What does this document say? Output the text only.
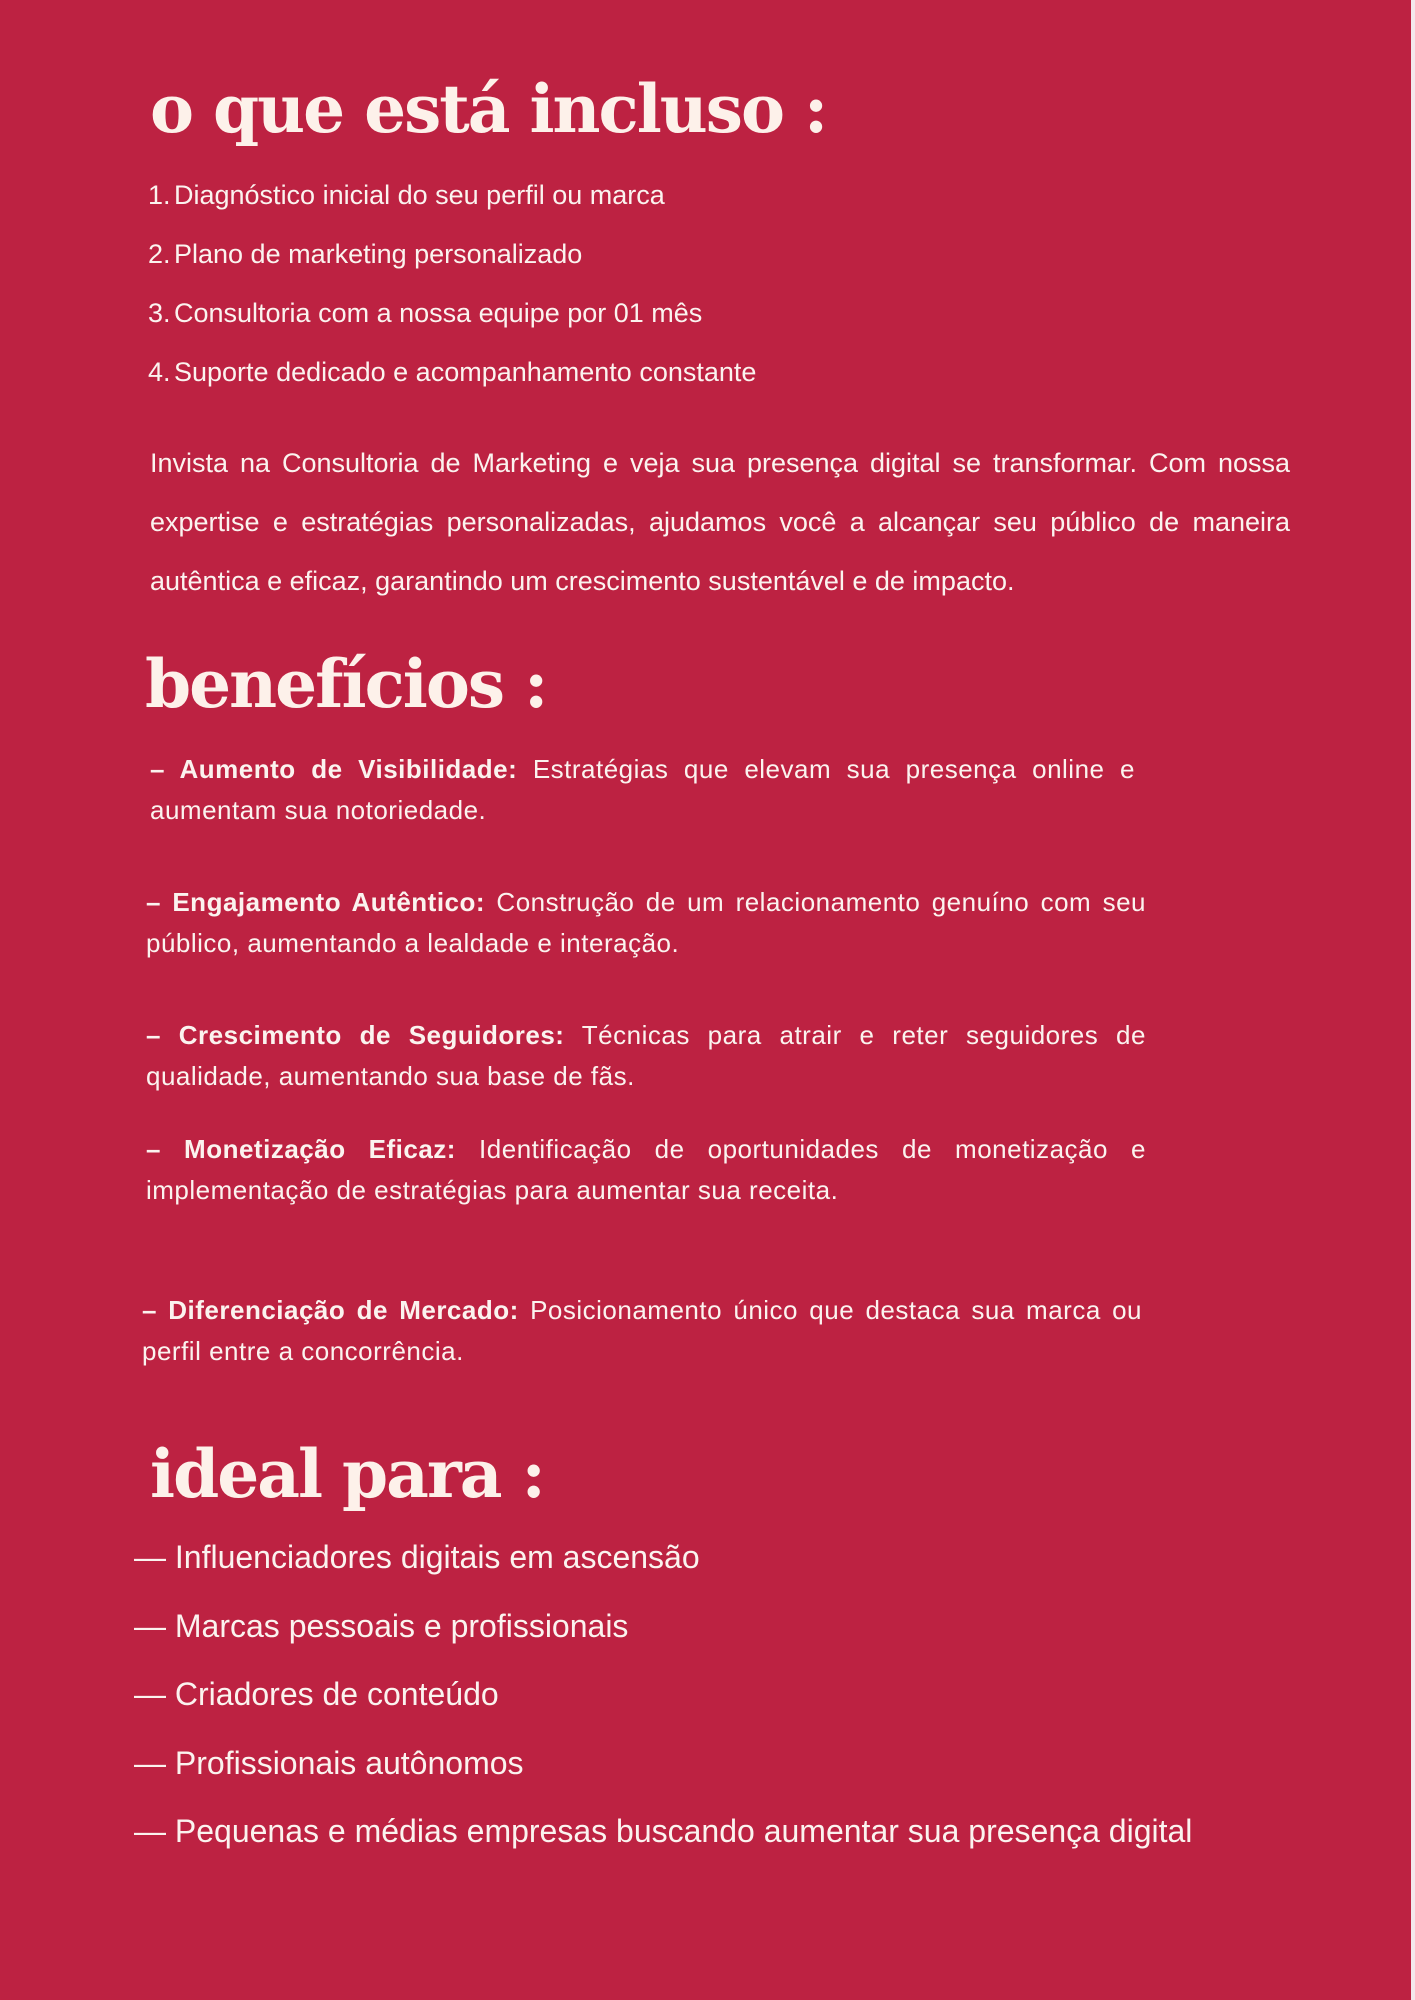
o que está incluso :
1. Diagnóstico inicial do seu perfil ou marca
2. Plano de marketing personalizado
3. Consultoria com a nossa equipe por 01 mês
4. Suporte dedicado e acompanhamento constante

Invista na Consultoria de Marketing e veja sua presença digital se transformar. Com nossa expertise e estratégias personalizadas, ajudamos você a alcançar seu público de maneira autêntica e eficaz, garantindo um crescimento sustentável e de impacto.

benefícios :

– Aumento de Visibilidade: Estratégias que elevam sua presença online e aumentam sua notoriedade.

– Engajamento Autêntico: Construção de um relacionamento genuíno com seu público, aumentando a lealdade e interação.

– Crescimento de Seguidores: Técnicas para atrair e reter seguidores de qualidade, aumentando sua base de fãs.

– Monetização Eficaz: Identificação de oportunidades de monetização e implementação de estratégias para aumentar sua receita.

– Diferenciação de Mercado: Posicionamento único que destaca sua marca ou perfil entre a concorrência.

ideal para :
— Influenciadores digitais em ascensão
— Marcas pessoais e profissionais
— Criadores de conteúdo
— Profissionais autônomos
— Pequenas e médias empresas buscando aumentar sua presença digital
